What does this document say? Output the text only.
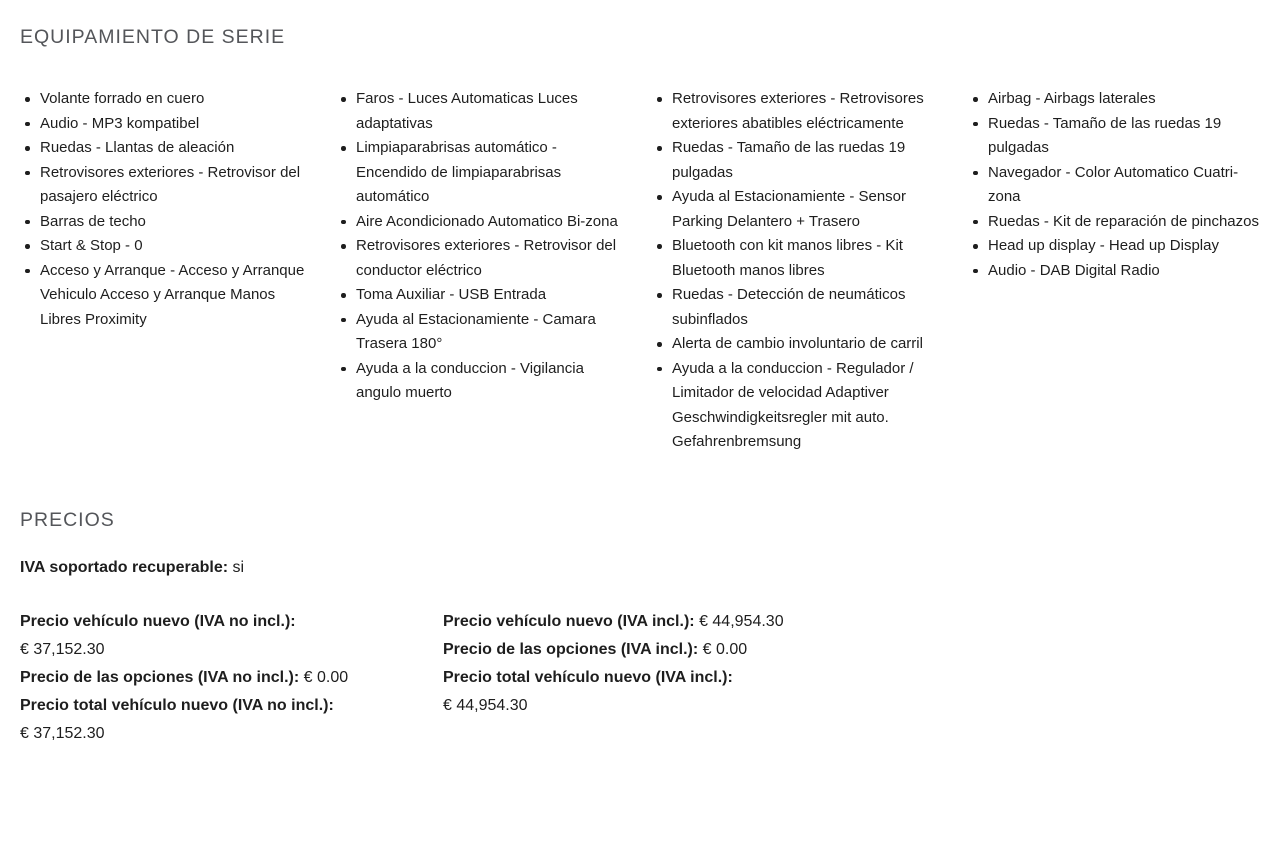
EQUIPAMIENTO DE SERIE
Volante forrado en cuero
Audio - MP3 kompatibel
Ruedas - Llantas de aleación
Retrovisores exteriores - Retrovisor del pasajero eléctrico
Barras de techo
Start & Stop - 0
Acceso y Arranque - Acceso y Arranque Vehiculo Acceso y Arranque Manos Libres Proximity
Faros - Luces Automaticas Luces adaptativas
Limpiaparabrisas automático - Encendido de limpiaparabrisas automático
Aire Acondicionado Automatico Bi-zona
Retrovisores exteriores - Retrovisor del conductor eléctrico
Toma Auxiliar - USB Entrada
Ayuda al Estacionamiente - Camara Trasera 180°
Ayuda a la conduccion - Vigilancia angulo muerto
Retrovisores exteriores - Retrovisores exteriores abatibles eléctricamente
Ruedas - Tamaño de las ruedas 19 pulgadas
Ayuda al Estacionamiente - Sensor Parking Delantero + Trasero
Bluetooth con kit manos libres - Kit Bluetooth manos libres
Ruedas - Detección de neumáticos subinflados
Alerta de cambio involuntario de carril
Ayuda a la conduccion - Regulador / Limitador de velocidad Adaptiver Geschwindigkeitsregler mit auto. Gefahrenbremsung
Airbag - Airbags laterales
Ruedas - Tamaño de las ruedas 19 pulgadas
Navegador - Color Automatico Cuatri-zona
Ruedas - Kit de reparación de pinchazos
Head up display - Head up Display
Audio - DAB Digital Radio
PRECIOS

IVA soportado recuperable: si

Precio vehículo nuevo (IVA no incl.):
€ 37,152.30
Precio de las opciones (IVA no incl.): € 0.00
Precio total vehículo nuevo (IVA no incl.):
€ 37,152.30
Precio vehículo nuevo (IVA incl.): € 44,954.30
Precio de las opciones (IVA incl.): € 0.00
Precio total vehículo nuevo (IVA incl.):
€ 44,954.30
